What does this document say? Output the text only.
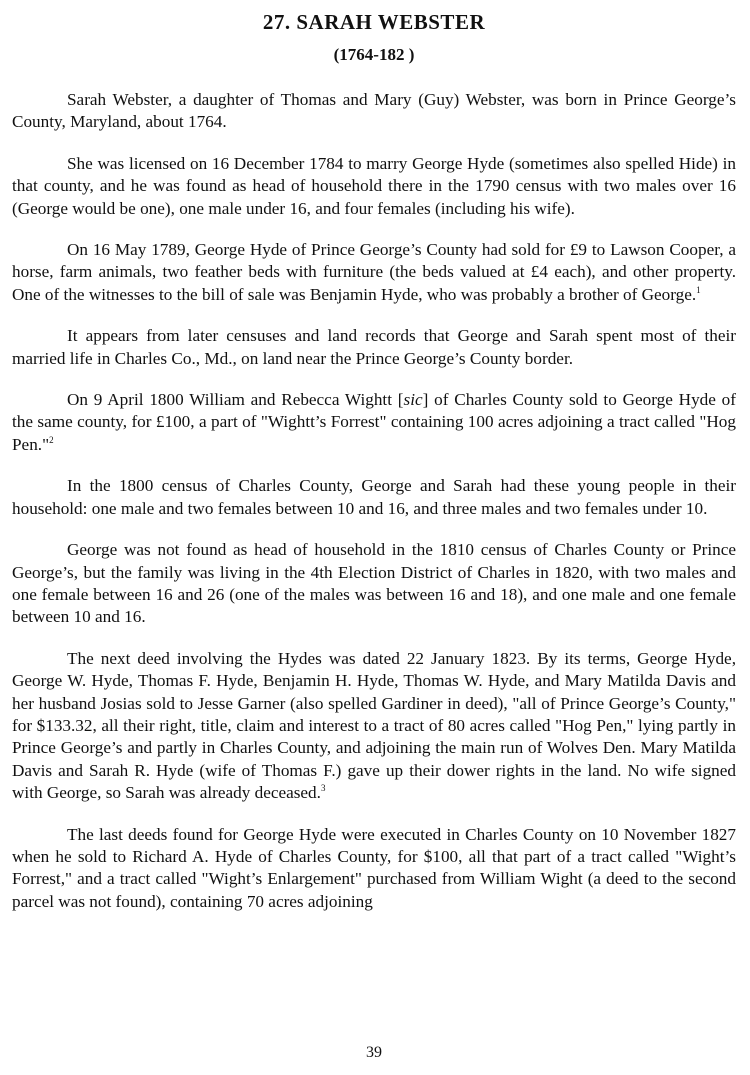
27. SARAH WEBSTER
(1764-182 )

Sarah Webster, a daughter of Thomas and Mary (Guy) Webster, was born in Prince George’s County, Maryland, about 1764.

She was licensed on 16 December 1784 to marry George Hyde (sometimes also spelled Hide) in that county, and he was found as head of household there in the 1790 census with two males over 16 (George would be one), one male under 16, and four females (including his wife).

On 16 May 1789, George Hyde of Prince George’s County had sold for £9 to Lawson Cooper, a horse, farm animals, two feather beds with furniture (the beds valued at £4 each), and other property. One of the witnesses to the bill of sale was Benjamin Hyde, who was probably a brother of George.$^1$

It appears from later censuses and land records that George and Sarah spent most of their married life in Charles Co., Md., on land near the Prince George’s County border.

On 9 April 1800 William and Rebecca Wightt [sic] of Charles County sold to George Hyde of the same county, for £100, a part of "Wightt’s Forrest" containing 100 acres adjoining a tract called "Hog Pen."$^2$

In the 1800 census of Charles County, George and Sarah had these young people in their household: one male and two females between 10 and 16, and three males and two females under 10.

George was not found as head of household in the 1810 census of Charles County or Prince George’s, but the family was living in the 4th Election District of Charles in 1820, with two males and one female between 16 and 26 (one of the males was between 16 and 18), and one male and one female between 10 and 16.

The next deed involving the Hydes was dated 22 January 1823. By its terms, George Hyde, George W. Hyde, Thomas F. Hyde, Benjamin H. Hyde, Thomas W. Hyde, and Mary Matilda Davis and her husband Josias sold to Jesse Garner (also spelled Gardiner in deed), "all of Prince George’s County," for $133.32, all their right, title, claim and interest to a tract of 80 acres called "Hog Pen," lying partly in Prince George’s and partly in Charles County, and adjoining the main run of Wolves Den. Mary Matilda Davis and Sarah R. Hyde (wife of Thomas F.) gave up their dower rights in the land. No wife signed with George, so Sarah was already deceased.$^3$

The last deeds found for George Hyde were executed in Charles County on 10 November 1827 when he sold to Richard A. Hyde of Charles County, for $100, all that part of a tract called "Wight’s Forrest," and a tract called "Wight’s Enlargement" purchased from William Wight (a deed to the second parcel was not found), containing 70 acres adjoining

39
